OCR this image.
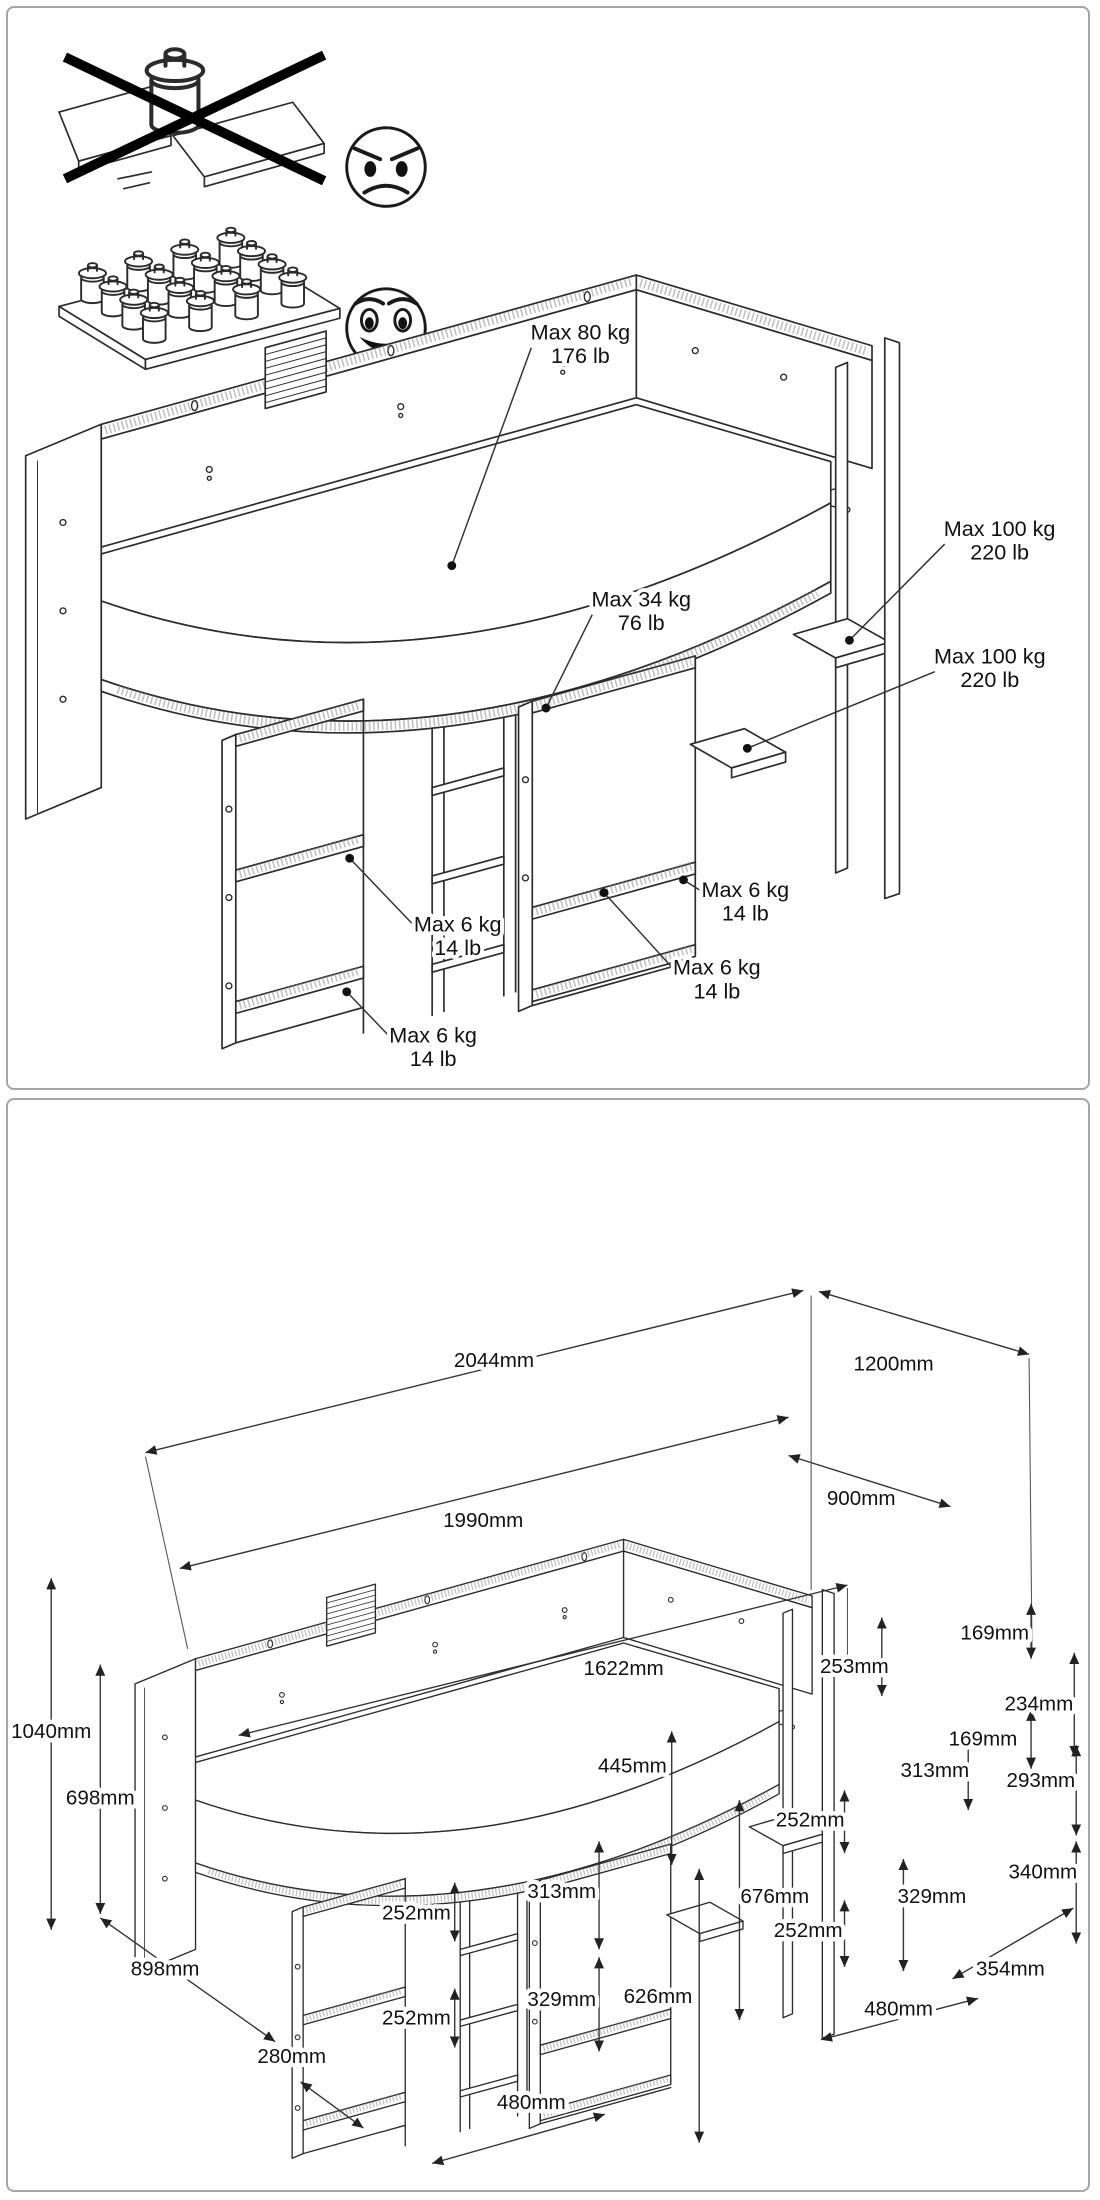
Max 80 kg
176 lb
Max 34 kg
76 lb
Max 100 kg
220 lb
Max 100 kg
220 lb
Max 6 kg
14 lb
Max 6 kg
14 lb
Max 6 kg
14 lb
Max 6 kg
14 lb
2044mm	1200mm
900mm
1990mm
1622mm	253mm
169mm
234mm
169mm
1040mm
698mm
445mm	313mm 293mm
252mm
340mm
313mm
252mm
676mm	329mm
252mm
898mm	354mm
329mm 626mm
252mm	480mm
280mm
480mm
